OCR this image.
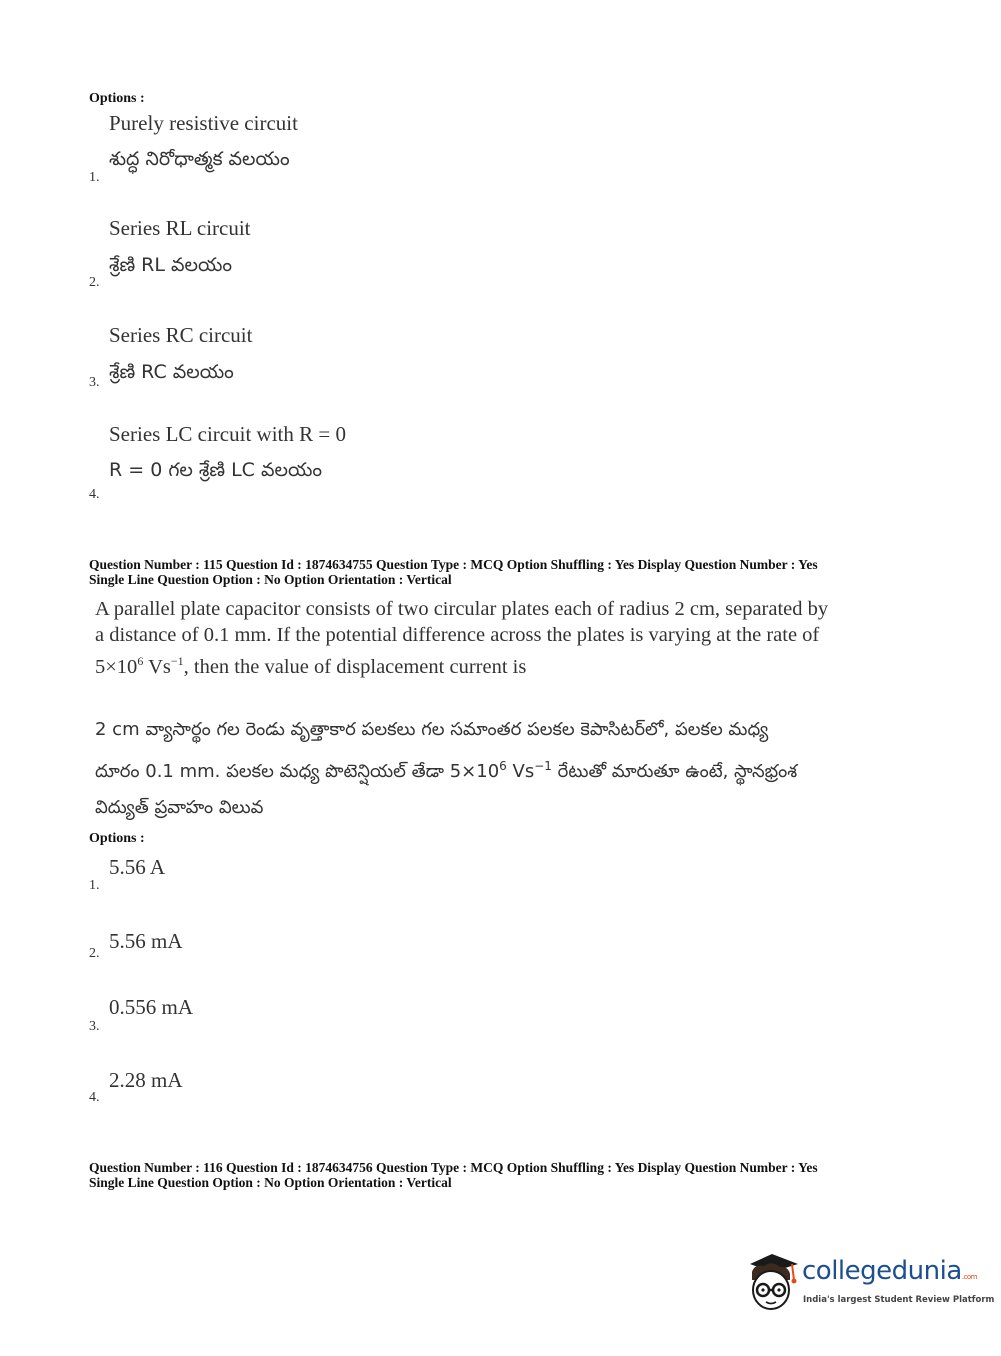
Options :
Purely resistive circuit
శుద్ధ నిరోధాత్మక వలయం
1.
Series RL circuit
శ్రేణి RL వలయం
2.
Series RC circuit
శ్రేణి RC వలయం
3.
Series LC circuit with R = 0
R = 0 గల శ్రేణి LC వలయం
4.
Question Number : 115 Question Id : 1874634755 Question Type : MCQ Option Shuffling : Yes Display Question Number : Yes
Single Line Question Option : No Option Orientation : Vertical
A parallel plate capacitor consists of two circular plates each of radius 2 cm, separated by
a distance of 0.1 mm. If the potential difference across the plates is varying at the rate of
$5\times 10^6$ $Vs^{-1}$, then the value of displacement current is
2 cm వ్యాసార్థం గల రెండు వృత్తాకార పలకలు గల సమాంతర పలకల కెపాసిటర్‌లో, పలకల మధ్య
దూరం 0.1 mm. పలకల మధ్య పొటెన్షియల్ తేడా $5\times 10^6$ $Vs^{-1}$ రేటుతో మారుతూ ఉంటే, స్థానభ్రంశ
విద్యుత్ ప్రవాహం విలువ
Options :
5.56 A
1.
5.56 mA
2.
0.556 mA
3.
2.28 mA
4.
Question Number : 116 Question Id : 1874634756 Question Type : MCQ Option Shuffling : Yes Display Question Number : Yes
Single Line Question Option : No Option Orientation : Vertical
collegedunia.com
India's largest Student Review Platform
